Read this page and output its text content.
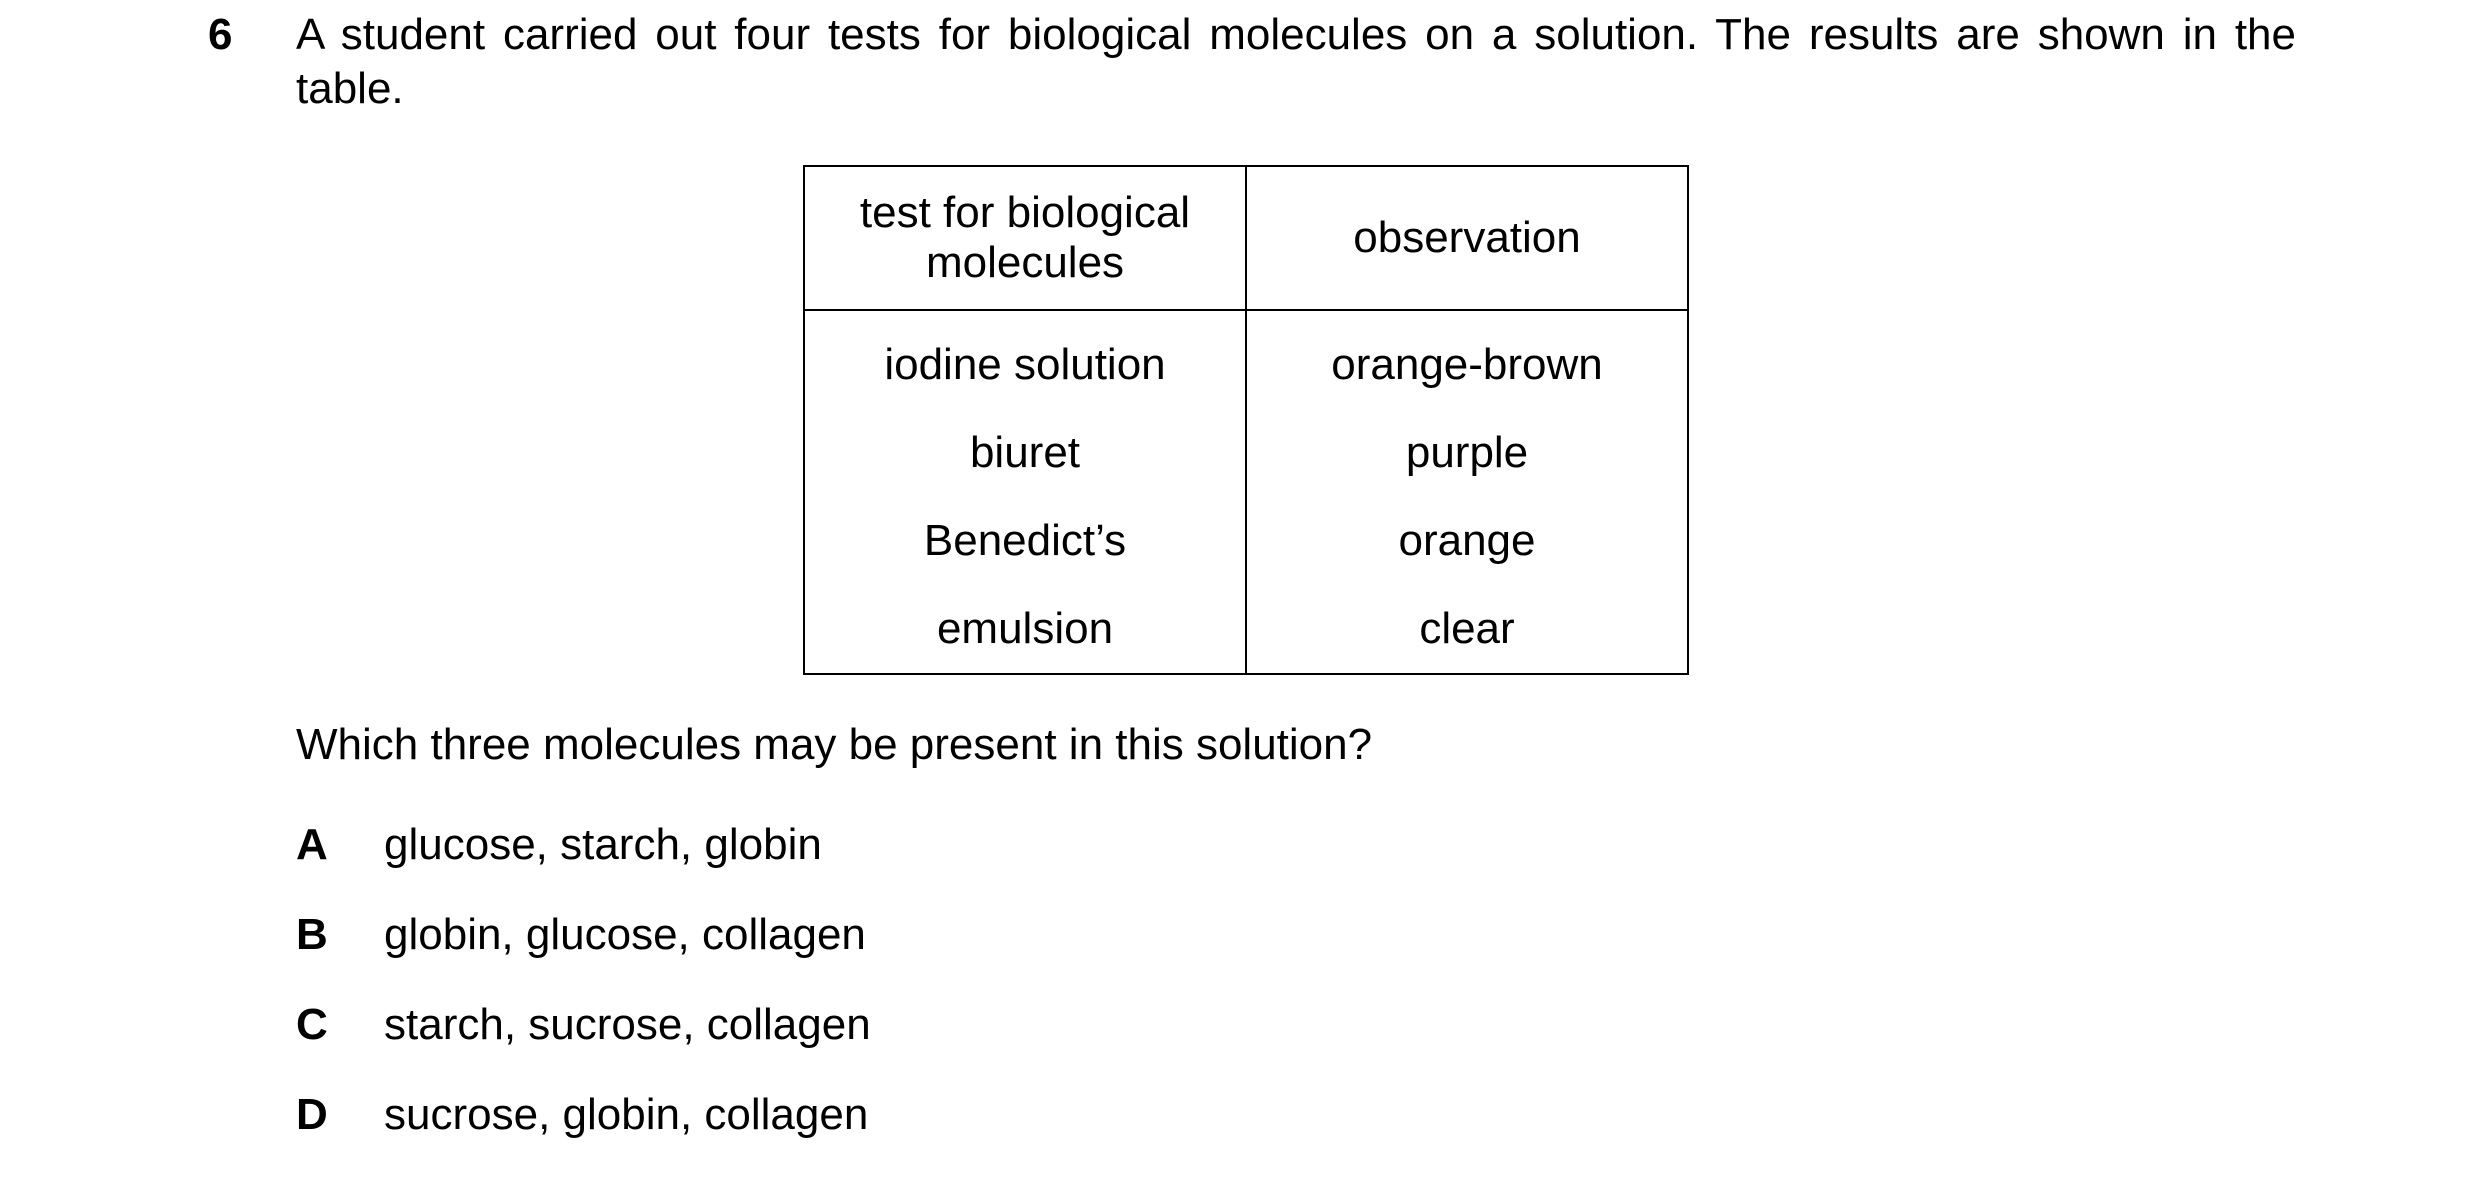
6 A student carried out four tests for biological molecules on a solution. The results are shown in the table.
test for biological molecules	observation
iodine solution	orange-brown
biuret	purple
Benedict’s	orange
emulsion	clear
Which three molecules may be present in this solution?
A	glucose, starch, globin
B	globin, glucose, collagen
C	starch, sucrose, collagen
D	sucrose, globin, collagen
